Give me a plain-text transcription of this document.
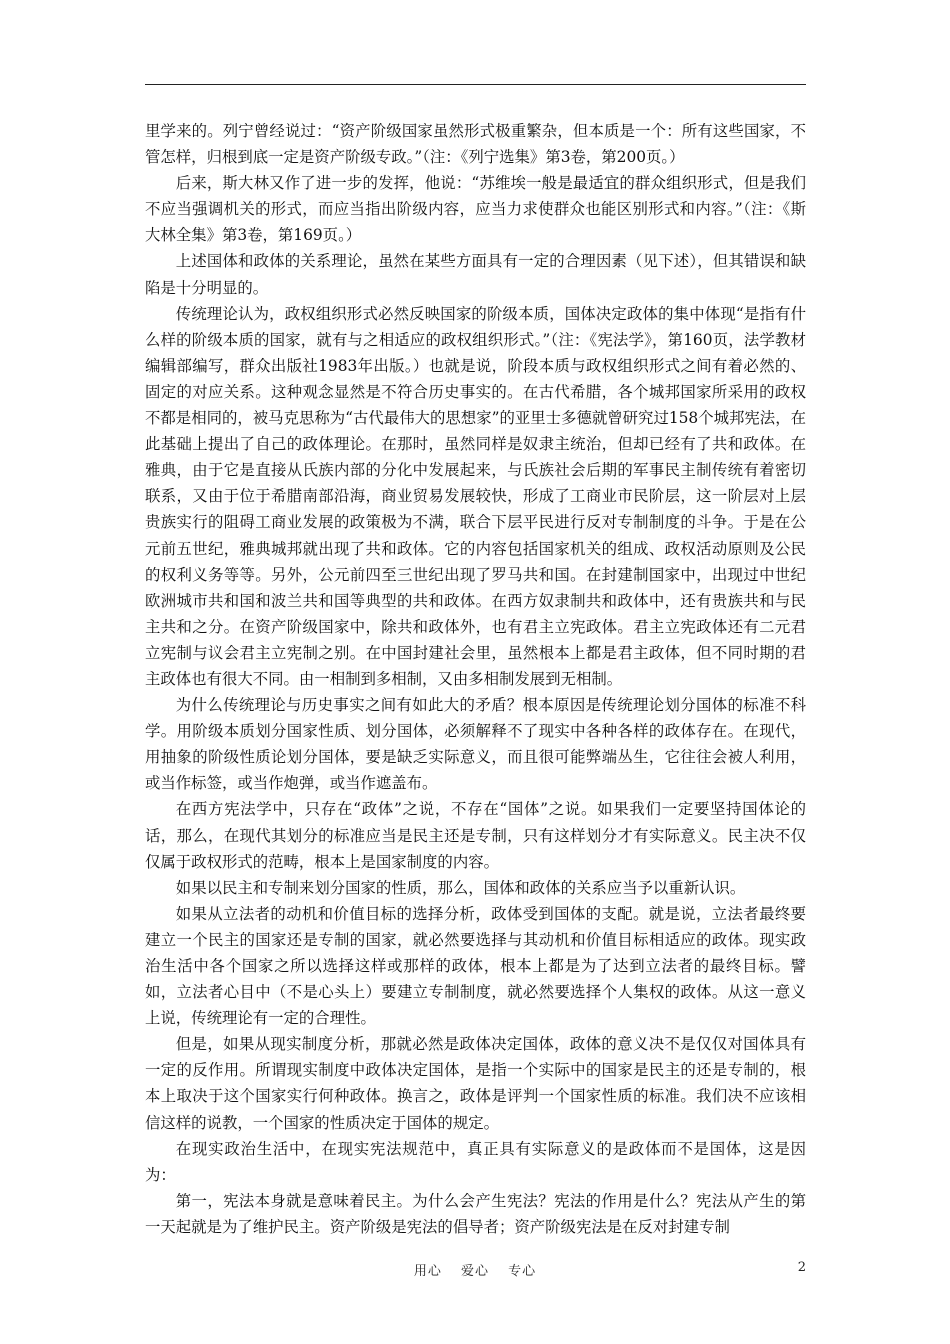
里学来的。列宁曾经说过：“资产阶级国家虽然形式极重繁杂，但本质是一个：所有这些国家，不管怎样，归根到底一定是资产阶级专政。”（注：《列宁选集》第3卷，第200页。）

后来，斯大林又作了进一步的发挥，他说：“苏维埃一般是最适宜的群众组织形式，但是我们不应当强调机关的形式，而应当指出阶级内容，应当力求使群众也能区别形式和内容。”（注：《斯大林全集》第3卷，第169页。）

上述国体和政体的关系理论，虽然在某些方面具有一定的合理因素（见下述），但其错误和缺陷是十分明显的。

传统理论认为，政权组织形式必然反映国家的阶级本质，国体决定政体的集中体现“是指有什么样的阶级本质的国家，就有与之相适应的政权组织形式。”（注：《宪法学》，第160页，法学教材编辑部编写，群众出版社1983年出版。）也就是说，阶段本质与政权组织形式之间有着必然的、固定的对应关系。这种观念显然是不符合历史事实的。在古代希腊，各个城邦国家所采用的政权不都是相同的，被马克思称为“古代最伟大的思想家”的亚里士多德就曾研究过158个城邦宪法，在此基础上提出了自己的政体理论。在那时，虽然同样是奴隶主统治，但却已经有了共和政体。在雅典，由于它是直接从氏族内部的分化中发展起来，与氏族社会后期的军事民主制传统有着密切联系，又由于位于希腊南部沿海，商业贸易发展较快，形成了工商业市民阶层，这一阶层对上层贵族实行的阻碍工商业发展的政策极为不满，联合下层平民进行反对专制制度的斗争。于是在公元前五世纪，雅典城邦就出现了共和政体。它的内容包括国家机关的组成、政权活动原则及公民的权利义务等等。另外，公元前四至三世纪出现了罗马共和国。在封建制国家中，出现过中世纪欧洲城市共和国和波兰共和国等典型的共和政体。在西方奴隶制共和政体中，还有贵族共和与民主共和之分。在资产阶级国家中，除共和政体外，也有君主立宪政体。君主立宪政体还有二元君立宪制与议会君主立宪制之别。在中国封建社会里，虽然根本上都是君主政体，但不同时期的君主政体也有很大不同。由一相制到多相制，又由多相制发展到无相制。

为什么传统理论与历史事实之间有如此大的矛盾？根本原因是传统理论划分国体的标准不科学。用阶级本质划分国家性质、划分国体，必须解释不了现实中各种各样的政体存在。在现代，用抽象的阶级性质论划分国体，要是缺乏实际意义，而且很可能弊端丛生，它往往会被人利用，或当作标签，或当作炮弹，或当作遮盖布。

在西方宪法学中，只存在“政体”之说，不存在“国体”之说。如果我们一定要坚持国体论的话，那么，在现代其划分的标准应当是民主还是专制，只有这样划分才有实际意义。民主决不仅仅属于政权形式的范畴，根本上是国家制度的内容。

如果以民主和专制来划分国家的性质，那么，国体和政体的关系应当予以重新认识。

如果从立法者的动机和价值目标的选择分析，政体受到国体的支配。就是说，立法者最终要建立一个民主的国家还是专制的国家，就必然要选择与其动机和价值目标相适应的政体。现实政治生活中各个国家之所以选择这样或那样的政体，根本上都是为了达到立法者的最终目标。譬如，立法者心目中（不是心头上）要建立专制制度，就必然要选择个人集权的政体。从这一意义上说，传统理论有一定的合理性。

但是，如果从现实制度分析，那就必然是政体决定国体，政体的意义决不是仅仅对国体具有一定的反作用。所谓现实制度中政体决定国体，是指一个实际中的国家是民主的还是专制的，根本上取决于这个国家实行何种政体。换言之，政体是评判一个国家性质的标准。我们决不应该相信这样的说教，一个国家的性质决定于国体的规定。

在现实政治生活中，在现实宪法规范中，真正具有实际意义的是政体而不是国体，这是因为：

第一，宪法本身就是意味着民主。为什么会产生宪法？宪法的作用是什么？宪法从产生的第一天起就是为了维护民主。资产阶级是宪法的倡导者；资产阶级宪法是在反对封建专制

用心 爱心 专心	2
